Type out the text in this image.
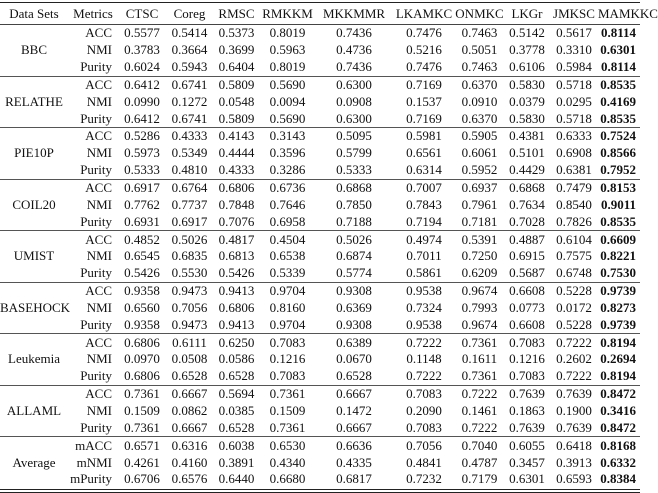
Data Sets	Metrics	CTSC	Coreg	RMSC	RMKKM	MKKMMR	LKAMKC	ONMKC	LKGr	JMKSC	MAMKKC
BBC	ACC	0.5577	0.5414	0.5373	0.8019	0.7436	0.7476	0.7463	0.5142	0.5617	0.8114
	NMI	0.3783	0.3664	0.3699	0.5963	0.4736	0.5216	0.5051	0.3778	0.3310	0.6301
	Purity	0.6024	0.5943	0.6404	0.8019	0.7436	0.7476	0.7463	0.6106	0.5984	0.8114
RELATHE	ACC	0.6412	0.6741	0.5809	0.5690	0.6300	0.7169	0.6370	0.5830	0.5718	0.8535
	NMI	0.0990	0.1272	0.0548	0.0094	0.0908	0.1537	0.0910	0.0379	0.0295	0.4169
	Purity	0.6412	0.6741	0.5809	0.5690	0.6300	0.7169	0.6370	0.5830	0.5718	0.8535
PIE10P	ACC	0.5286	0.4333	0.4143	0.3143	0.5095	0.5981	0.5905	0.4381	0.6333	0.7524
	NMI	0.5973	0.5349	0.4444	0.3596	0.5799	0.6561	0.6061	0.5101	0.6908	0.8566
	Purity	0.5333	0.4810	0.4333	0.3286	0.5333	0.6314	0.5952	0.4429	0.6381	0.7952
COIL20	ACC	0.6917	0.6764	0.6806	0.6736	0.6868	0.7007	0.6937	0.6868	0.7479	0.8153
	NMI	0.7762	0.7737	0.7848	0.7646	0.7850	0.7843	0.7961	0.7634	0.8540	0.9011
	Purity	0.6931	0.6917	0.7076	0.6958	0.7188	0.7194	0.7181	0.7028	0.7826	0.8535
UMIST	ACC	0.4852	0.5026	0.4817	0.4504	0.5026	0.4974	0.5391	0.4887	0.6104	0.6609
	NMI	0.6545	0.6835	0.6813	0.6538	0.6874	0.7011	0.7250	0.6915	0.7575	0.8221
	Purity	0.5426	0.5530	0.5426	0.5339	0.5774	0.5861	0.6209	0.5687	0.6748	0.7530
BASEHOCK	ACC	0.9358	0.9473	0.9413	0.9704	0.9308	0.9538	0.9674	0.6608	0.5228	0.9739
	NMI	0.6560	0.7056	0.6806	0.8160	0.6369	0.7324	0.7993	0.0773	0.0172	0.8273
	Purity	0.9358	0.9473	0.9413	0.9704	0.9308	0.9538	0.9674	0.6608	0.5228	0.9739
Leukemia	ACC	0.6806	0.6111	0.6250	0.7083	0.6389	0.7222	0.7361	0.7083	0.7222	0.8194
	NMI	0.0970	0.0508	0.0586	0.1216	0.0670	0.1148	0.1611	0.1216	0.2602	0.2694
	Purity	0.6806	0.6528	0.6528	0.7083	0.6528	0.7222	0.7361	0.7083	0.7222	0.8194
ALLAML	ACC	0.7361	0.6667	0.5694	0.7361	0.6667	0.7083	0.7222	0.7639	0.7639	0.8472
	NMI	0.1509	0.0862	0.0385	0.1509	0.1472	0.2090	0.1461	0.1863	0.1900	0.3416
	Purity	0.7361	0.6667	0.6528	0.7361	0.6667	0.7083	0.7222	0.7639	0.7639	0.8472
Average	mACC	0.6571	0.6316	0.6038	0.6530	0.6636	0.7056	0.7040	0.6055	0.6418	0.8168
	mNMI	0.4261	0.4160	0.3891	0.4340	0.4335	0.4841	0.4787	0.3457	0.3913	0.6332
	mPurity	0.6706	0.6576	0.6440	0.6680	0.6817	0.7232	0.7179	0.6301	0.6593	0.8384
